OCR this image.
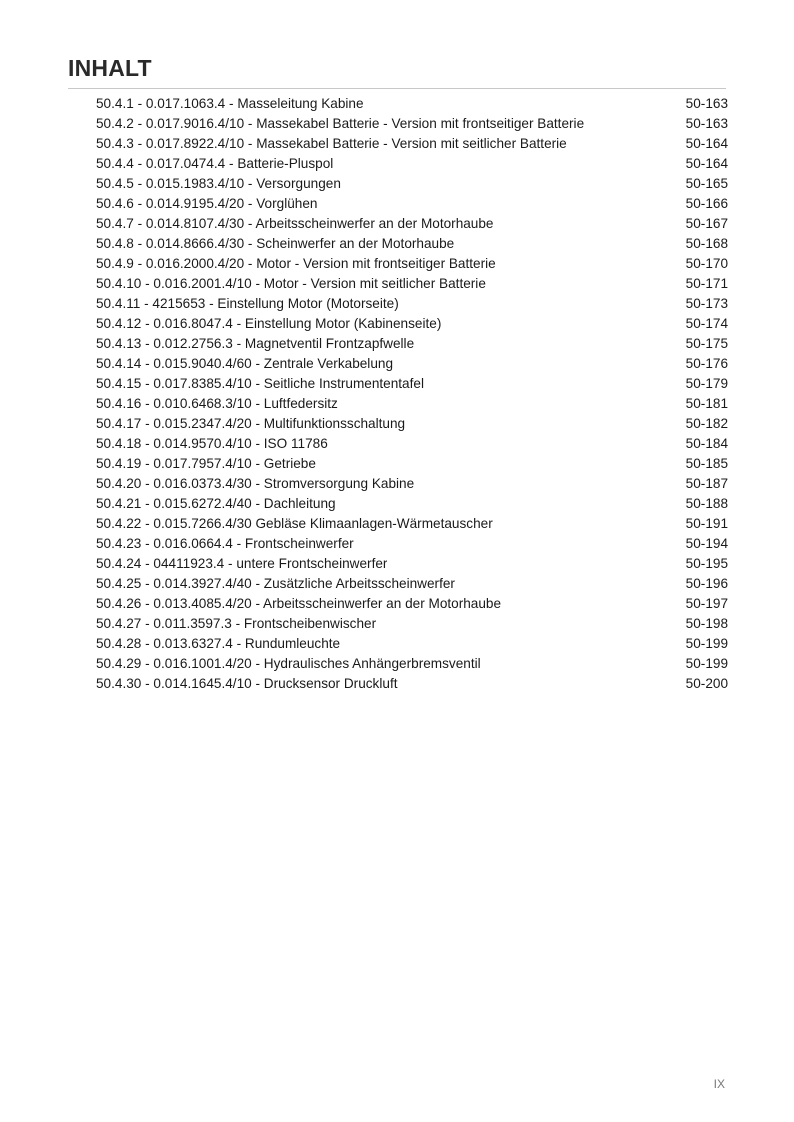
INHALT
50.4.1 - 0.017.1063.4 - Masseleitung Kabine	50-163
50.4.2 - 0.017.9016.4/10 - Massekabel Batterie - Version mit frontseitiger Batterie	50-163
50.4.3 - 0.017.8922.4/10 - Massekabel Batterie - Version mit seitlicher Batterie	50-164
50.4.4 - 0.017.0474.4 - Batterie-Pluspol	50-164
50.4.5 - 0.015.1983.4/10 - Versorgungen	50-165
50.4.6 - 0.014.9195.4/20 - Vorglühen	50-166
50.4.7 - 0.014.8107.4/30 - Arbeitsscheinwerfer an der Motorhaube	50-167
50.4.8 - 0.014.8666.4/30 - Scheinwerfer an der Motorhaube	50-168
50.4.9 - 0.016.2000.4/20 - Motor - Version mit frontseitiger Batterie	50-170
50.4.10 - 0.016.2001.4/10 - Motor - Version mit seitlicher Batterie	50-171
50.4.11 - 4215653 - Einstellung Motor (Motorseite)	50-173
50.4.12 - 0.016.8047.4 - Einstellung Motor (Kabinenseite)	50-174
50.4.13 - 0.012.2756.3 - Magnetventil Frontzapfwelle	50-175
50.4.14 - 0.015.9040.4/60 - Zentrale Verkabelung	50-176
50.4.15 - 0.017.8385.4/10 - Seitliche Instrumententafel	50-179
50.4.16 - 0.010.6468.3/10 - Luftfedersitz	50-181
50.4.17 - 0.015.2347.4/20 - Multifunktionsschaltung	50-182
50.4.18 - 0.014.9570.4/10 - ISO 11786	50-184
50.4.19 - 0.017.7957.4/10 - Getriebe	50-185
50.4.20 - 0.016.0373.4/30 - Stromversorgung Kabine	50-187
50.4.21 - 0.015.6272.4/40 - Dachleitung	50-188
50.4.22 - 0.015.7266.4/30 Gebläse Klimaanlagen-Wärmetauscher	50-191
50.4.23 - 0.016.0664.4 - Frontscheinwerfer	50-194
50.4.24 - 04411923.4 - untere Frontscheinwerfer	50-195
50.4.25 - 0.014.3927.4/40 - Zusätzliche Arbeitsscheinwerfer	50-196
50.4.26 - 0.013.4085.4/20 - Arbeitsscheinwerfer an der Motorhaube	50-197
50.4.27 - 0.011.3597.3 - Frontscheibenwischer	50-198
50.4.28 - 0.013.6327.4 - Rundumleuchte	50-199
50.4.29 - 0.016.1001.4/20 - Hydraulisches Anhängerbremsventil	50-199
50.4.30 - 0.014.1645.4/10 - Drucksensor Druckluft	50-200
IX
